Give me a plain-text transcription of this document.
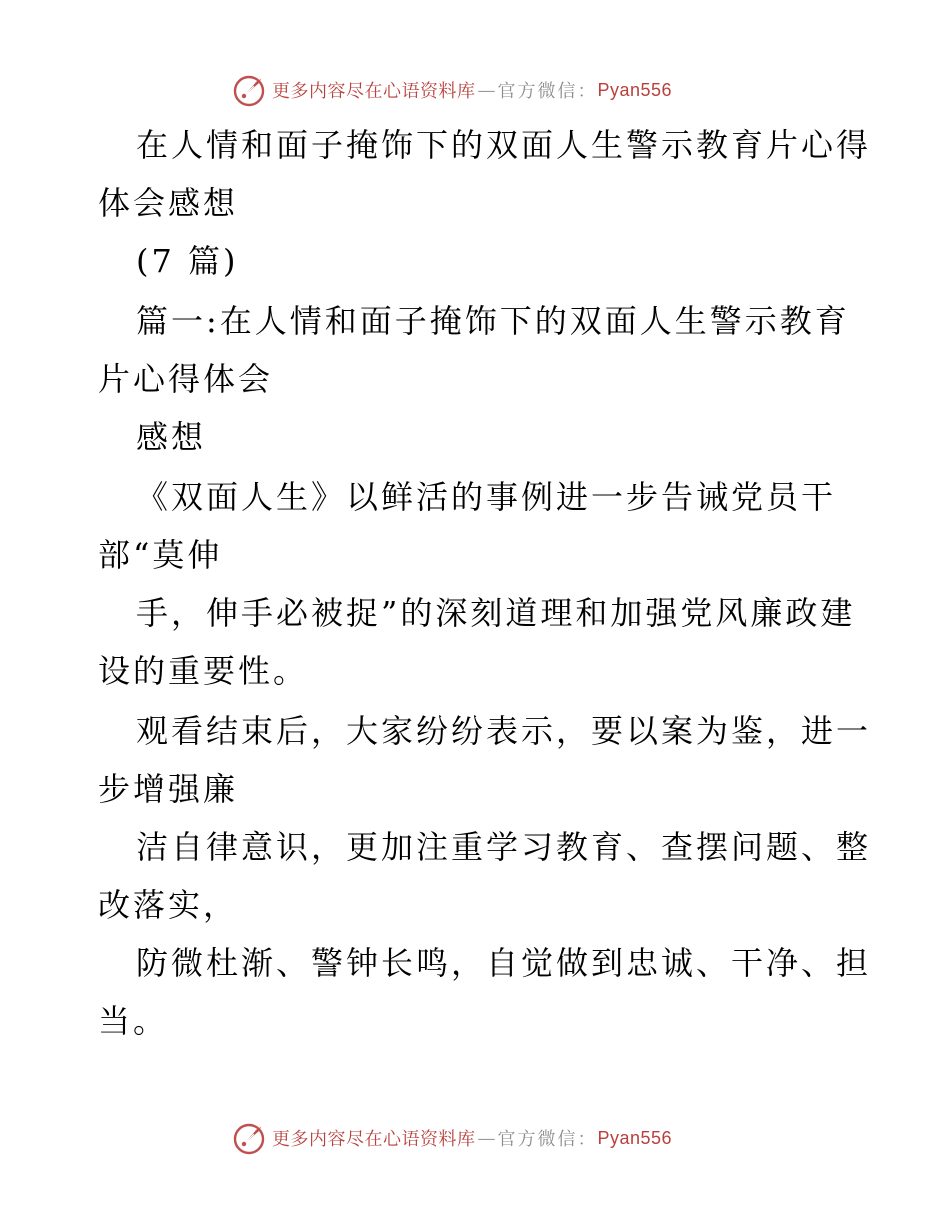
更多内容尽在心语资料库 — 官方微信： Pyan556
在人情和面子掩饰下的双面人生警示教育片心得
体会感想
(7 篇)
篇一:在人情和面子掩饰下的双面人生警示教育
片心得体会
感想
《双面人生》以鲜活的事例进一步告诫党员干
部“莫伸
手，伸手必被捉”的深刻道理和加强党风廉政建
设的重要性。
观看结束后，大家纷纷表示，要以案为鉴，进一
步增强廉
洁自律意识，更加注重学习教育、查摆问题、整
改落实，
防微杜渐、警钟长鸣，自觉做到忠诚、干净、担
当。
更多内容尽在心语资料库 — 官方微信： Pyan556
